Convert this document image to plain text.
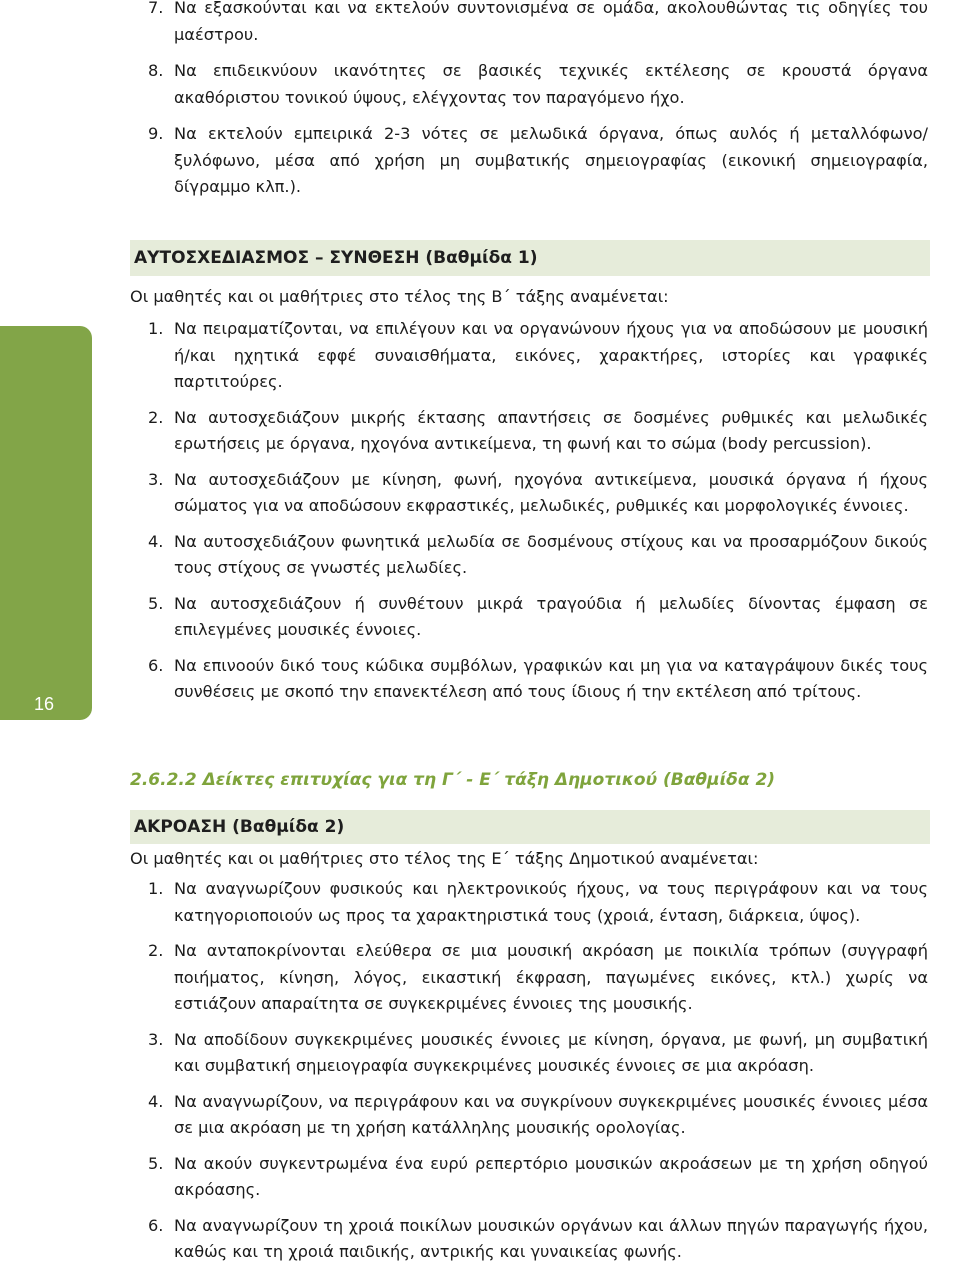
7. Να εξασκούνται και να εκτελούν συντονισμένα σε ομάδα, ακολουθώντας τις οδηγίες του μαέστρου.
8. Να επιδεικνύουν ικανότητες σε βασικές τεχνικές εκτέλεσης σε κρουστά όργανα ακαθόριστου τονικού ύψους, ελέγχοντας τον παραγόμενο ήχο.
9. Να εκτελούν εμπειρικά 2-3 νότες σε μελωδικά όργανα, όπως αυλός ή μεταλλόφωνο/ ξυλόφωνο, μέσα από χρήση μη συμβατικής σημειογραφίας (εικονική σημειογραφία, δίγραμμο κλπ.).
ΑΥΤΟΣΧΕΔΙΑΣΜΟΣ – ΣΥΝΘΕΣΗ (Βαθμίδα 1)
Οι μαθητές και οι μαθήτριες στο τέλος της Β΄ τάξης αναμένεται:
1. Να πειραματίζονται, να επιλέγουν και να οργανώνουν ήχους για να αποδώσουν με μουσική ή/και ηχητικά εφφέ συναισθήματα, εικόνες, χαρακτήρες, ιστορίες και γραφικές παρτιτούρες.
2. Να αυτοσχεδιάζουν μικρής έκτασης απαντήσεις σε δοσμένες ρυθμικές και μελωδικές ερωτήσεις με όργανα, ηχογόνα αντικείμενα, τη φωνή και το σώμα (body percussion).
3. Να αυτοσχεδιάζουν με κίνηση, φωνή, ηχογόνα αντικείμενα, μουσικά όργανα ή ήχους σώματος για να αποδώσουν εκφραστικές, μελωδικές, ρυθμικές και μορφολογικές έννοιες.
4. Να αυτοσχεδιάζουν φωνητικά μελωδία σε δοσμένους στίχους και να προσαρμόζουν δικούς τους στίχους σε γνωστές μελωδίες.
5. Να αυτοσχεδιάζουν ή συνθέτουν μικρά τραγούδια ή μελωδίες δίνοντας έμφαση σε επιλεγμένες μουσικές έννοιες.
6. Να επινοούν δικό τους κώδικα συμβόλων, γραφικών και μη για να καταγράψουν δικές τους συνθέσεις με σκοπό την επανεκτέλεση από τους ίδιους ή την εκτέλεση από τρίτους.
2.6.2.2 Δείκτες επιτυχίας για τη Γ΄ - Ε΄ τάξη Δημοτικού (Βαθμίδα 2)
ΑΚΡΟΑΣΗ (Βαθμίδα 2)
Οι μαθητές και οι μαθήτριες στο τέλος της Ε΄ τάξης Δημοτικού αναμένεται:
1. Να αναγνωρίζουν φυσικούς και ηλεκτρονικούς ήχους, να τους περιγράφουν και να τους κατηγοριοποιούν ως προς τα χαρακτηριστικά τους (χροιά, ένταση, διάρκεια, ύψος).
2. Να ανταποκρίνονται ελεύθερα σε μια μουσική ακρόαση με ποικιλία τρόπων (συγγραφή ποιήματος, κίνηση, λόγος, εικαστική έκφραση, παγωμένες εικόνες, κτλ.) χωρίς να εστιάζουν απαραίτητα σε συγκεκριμένες έννοιες της μουσικής.
3. Να αποδίδουν συγκεκριμένες μουσικές έννοιες με κίνηση, όργανα, με φωνή, μη συμβατική και συμβατική σημειογραφία συγκεκριμένες μουσικές έννοιες σε μια ακρόαση.
4. Να αναγνωρίζουν, να περιγράφουν και να συγκρίνουν συγκεκριμένες μουσικές έννοιες μέσα σε μια ακρόαση με τη χρήση κατάλληλης μουσικής ορολογίας.
5. Να ακούν συγκεντρωμένα ένα ευρύ ρεπερτόριο μουσικών ακροάσεων με τη χρήση οδηγού ακρόασης.
6. Να αναγνωρίζουν τη χροιά ποικίλων μουσικών οργάνων και άλλων πηγών παραγωγής ήχου, καθώς και τη χροιά παιδικής, αντρικής και γυναικείας φωνής.
16
ΜΟΥΣΙΚΗ
